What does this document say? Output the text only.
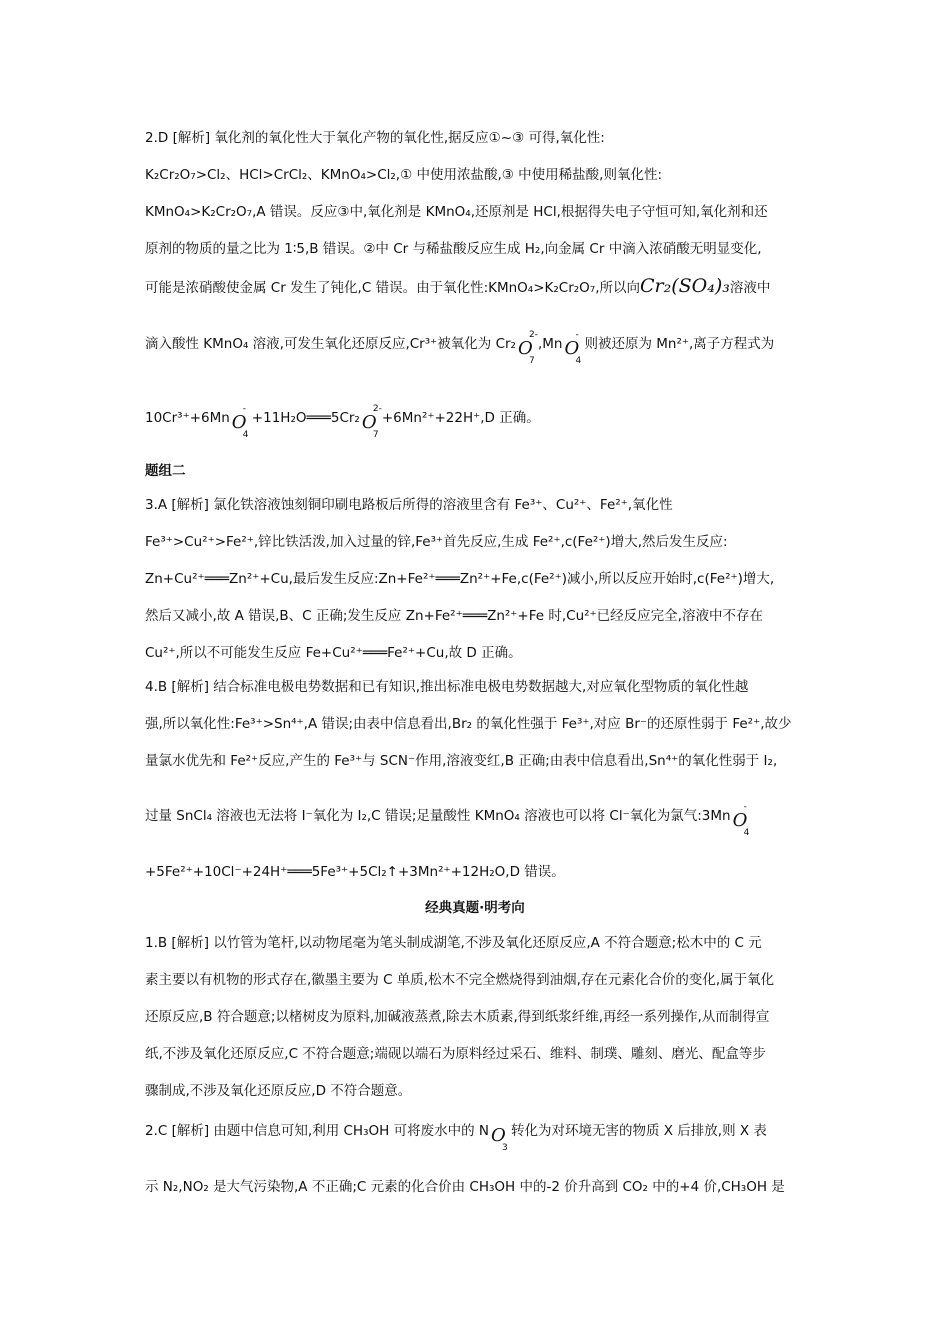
2.D [解析] 氧化剂的氧化性大于氧化产物的氧化性,据反应①~③ 可得,氧化性:
K₂Cr₂O₇>Cl₂、HCl>CrCl₂、KMnO₄>Cl₂,① 中使用浓盐酸,③ 中使用稀盐酸,则氧化性:
KMnO₄>K₂Cr₂O₇,A 错误。反应③中,氧化剂是 KMnO₄,还原剂是 HCl,根据得失电子守恒可知,氧化剂和还
原剂的物质的量之比为 1∶5,B 错误。②中 Cr 与稀盐酸反应生成 H₂,向金属 Cr 中滴入浓硝酸无明显变化,
可能是浓硝酸使金属 Cr 发生了钝化,C 错误。由于氧化性:KMnO₄>K₂Cr₂O₇,所以向Cr₂(SO₄)₃溶液中
滴入酸性 KMnO₄ 溶液,可发生氧化还原反应,Cr³⁺被氧化为 Cr₂
2-
O
7
,Mn
-
O
4
则被还原为 Mn²⁺,离子方程式为
10Cr³⁺+6Mn
-
O
4
+11H₂O═══5Cr₂
2-
O
7
+6Mn²⁺+22H⁺,D 正确。
题组二
3.A [解析] 氯化铁溶液蚀刻铜印刷电路板后所得的溶液里含有 Fe³⁺、Cu²⁺、Fe²⁺,氧化性
Fe³⁺>Cu²⁺>Fe²⁺,锌比铁活泼,加入过量的锌,Fe³⁺首先反应,生成 Fe²⁺,c(Fe²⁺)增大,然后发生反应:
Zn+Cu²⁺═══Zn²⁺+Cu,最后发生反应:Zn+Fe²⁺═══Zn²⁺+Fe,c(Fe²⁺)减小,所以反应开始时,c(Fe²⁺)增大,
然后又减小,故 A 错误,B、C 正确;发生反应 Zn+Fe²⁺═══Zn²⁺+Fe 时,Cu²⁺已经反应完全,溶液中不存在
Cu²⁺,所以不可能发生反应 Fe+Cu²⁺═══Fe²⁺+Cu,故 D 正确。
4.B [解析] 结合标准电极电势数据和已有知识,推出标准电极电势数据越大,对应氧化型物质的氧化性越
强,所以氧化性:Fe³⁺>Sn⁴⁺,A 错误;由表中信息看出,Br₂ 的氧化性强于 Fe³⁺,对应 Br⁻的还原性弱于 Fe²⁺,故少
量氯水优先和 Fe²⁺反应,产生的 Fe³⁺与 SCN⁻作用,溶液变红,B 正确;由表中信息看出,Sn⁴⁺的氧化性弱于 I₂,
过量 SnCl₄ 溶液也无法将 I⁻氧化为 I₂,C 错误;足量酸性 KMnO₄ 溶液也可以将 Cl⁻氧化为氯气:3Mn
-
O
4
+5Fe²⁺+10Cl⁻+24H⁺═══5Fe³⁺+5Cl₂↑+3Mn²⁺+12H₂O,D 错误。
经典真题·明考向
1.B [解析] 以竹管为笔杆,以动物尾毫为笔头制成湖笔,不涉及氧化还原反应,A 不符合题意;松木中的 C 元
素主要以有机物的形式存在,徽墨主要为 C 单质,松木不完全燃烧得到油烟,存在元素化合价的变化,属于氧化
还原反应,B 符合题意;以楮树皮为原料,加碱液蒸煮,除去木质素,得到纸浆纤维,再经一系列操作,从而制得宣
纸,不涉及氧化还原反应,C 不符合题意;端砚以端石为原料经过采石、维料、制璞、雕刻、磨光、配盒等步
骤制成,不涉及氧化还原反应,D 不符合题意。
2.C [解析] 由题中信息可知,利用 CH₃OH 可将废水中的 N O
3
转化为对环境无害的物质 X 后排放,则 X 表
示 N₂,NO₂ 是大气污染物,A 不正确;C 元素的化合价由 CH₃OH 中的-2 价升高到 CO₂ 中的+4 价,CH₃OH 是
